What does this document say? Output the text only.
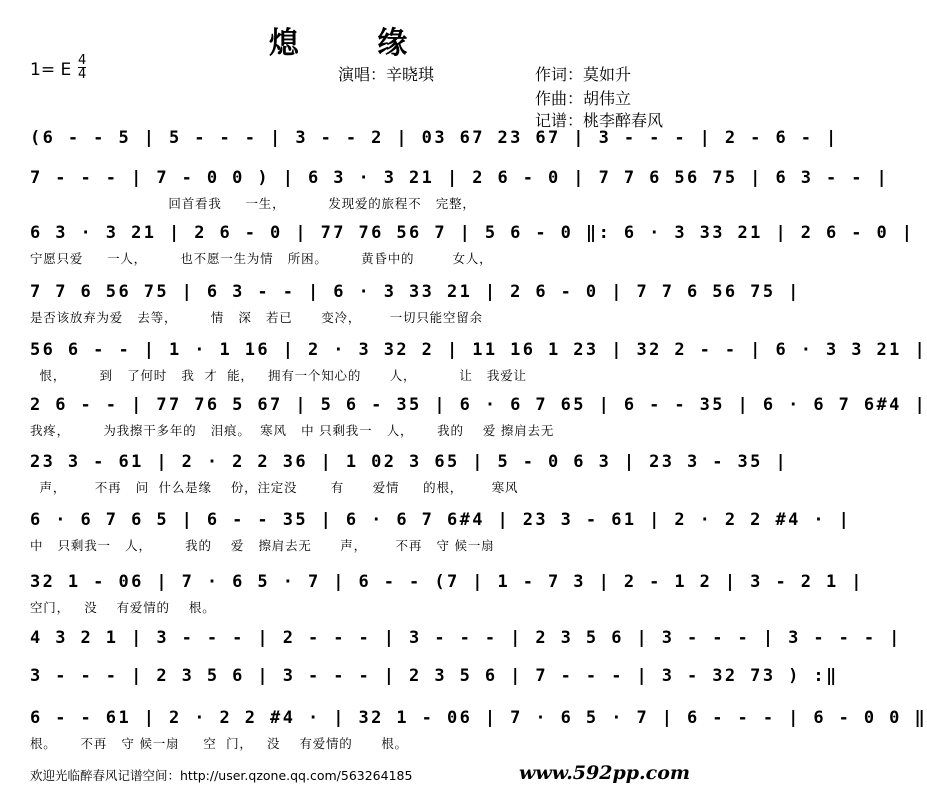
熄 缘
1= E 4
4	演唱：辛晓琪	作词：莫如升
作曲：胡伟立
记谱：桃李醉春风
(6 - - 5 | 5 - - - | 3 - - 2 | 03 67 23 67 | 3 - - - | 2 - 6 - |
7 - - - | 7 - 0 0 ) | 6 3 · 3 21 | 2 6 - 0 | 7 7 6 56 75 | 6 3 - - |
回首看我     一生，         发现爱的旅程不   完整，
6 3 · 3 21 | 2 6 - 0 | 77 76 56 7 | 5 6 - 0 ‖: 6 · 3 33 21 | 2 6 - 0 |
宁愿只爱     一人，       也不愿一生为情   所困。       黄昏中的        女人，
7 7 6 56 75 | 6 3 - - | 6 · 3 33 21 | 2 6 - 0 | 7 7 6 56 75 |
是否该放弃为爱   去等，       情   深   若已      变冷，      一切只能空留余
56 6 - - | 1 · 1 16 | 2 · 3 32 2 | 11 16 1 23 | 32 2 - - | 6 · 3 3 21 |
恨，       到   了何时   我  才  能，   拥有一个知心的      人，         让   我爱让
2 6 - - | 77 76 5 67 | 5 6 - 35 | 6 · 6 7 65 | 6 - - 35 | 6 · 6 7 6#4 |
我疼，       为我擦干多年的   泪痕。  寒风   中 只剩我一   人，     我的    爱 擦肩去无
23 3 - 61 | 2 · 2 2 36 | 1 02 3 65 | 5 - 0 6 3 | 23 3 - 35 |
声，      不再   问  什么是缘    份，注定没       有      爱情     的根，      寒风
6 · 6 7 6 5 | 6 - - 35 | 6 · 6 7 6#4 | 23 3 - 61 | 2 · 2 2 #4 · |
中   只剩我一   人，       我的    爱   擦肩去无      声，      不再   守 候一扇
32 1 - 06 | 7 · 6 5 · 7 | 6 - - (7 | 1 - 7 3 | 2 - 1 2 | 3 - 2 1 |
空门，   没    有爱情的    根。
4 3 2 1 | 3 - - - | 2 - - - | 3 - - - | 2 3 5 6 | 3 - - - | 3 - - - |
3 - - - | 2 3 5 6 | 3 - - - | 2 3 5 6 | 7 - - - | 3 - 32 73 ) :‖
6 - - 61 | 2 · 2 2 #4 · | 32 1 - 06 | 7 · 6 5 · 7 | 6 - - - | 6 - 0 0 ‖
根。     不再   守 候一扇     空  门，   没    有爱情的      根。
欢迎光临醉春风记谱空间：http://user.qzone.qq.com/563264185	www.592pp.com
